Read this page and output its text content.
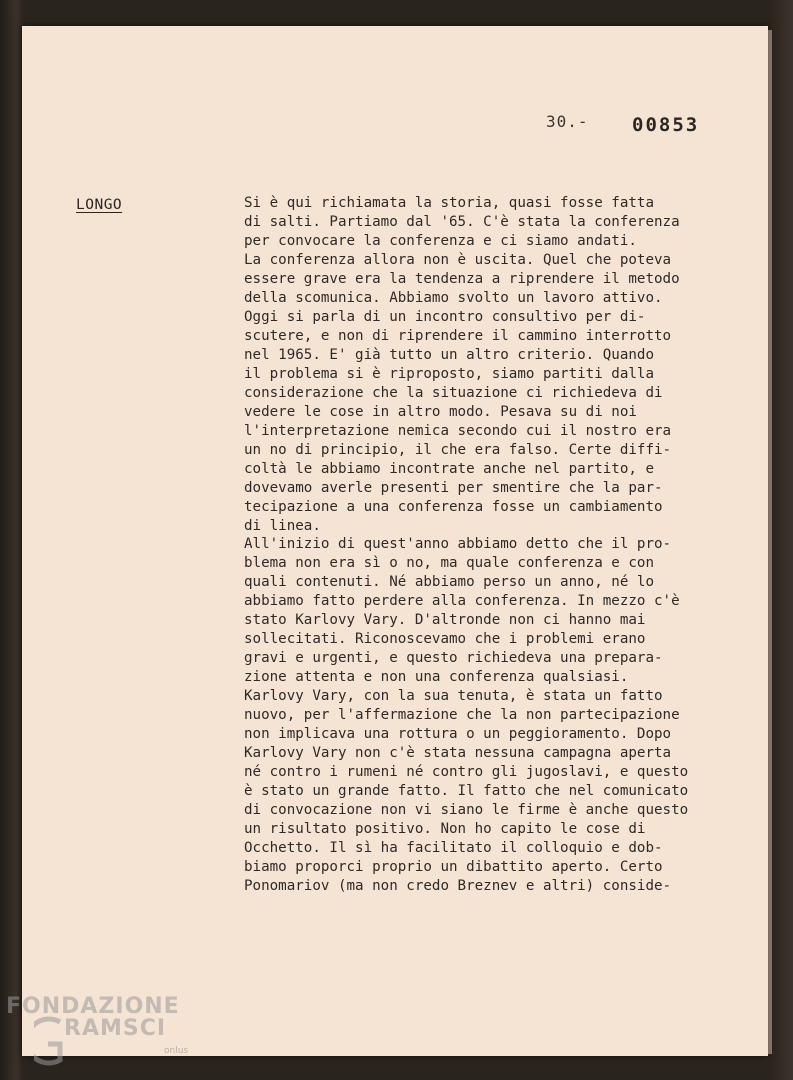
30.- 00853
LONGO	Si è qui richiamata la storia, quasi fosse fatta
di salti. Partiamo dal '65. C'è stata la conferenza
per convocare la conferenza e ci siamo andati.
La conferenza allora non è uscita. Quel che poteva
essere grave era la tendenza a riprendere il metodo
della scomunica. Abbiamo svolto un lavoro attivo.
Oggi si parla di un incontro consultivo per di-
scutere, e non di riprendere il cammino interrotto
nel 1965. E' già tutto un altro criterio. Quando
il problema si è riproposto, siamo partiti dalla
considerazione che la situazione ci richiedeva di
vedere le cose in altro modo. Pesava su di noi
l'interpretazione nemica secondo cui il nostro era
un no di principio, il che era falso. Certe diffi-
coltà le abbiamo incontrate anche nel partito, e
dovevamo averle presenti per smentire che la par-
tecipazione a una conferenza fosse un cambiamento
di linea.
All'inizio di quest'anno abbiamo detto che il pro-
blema non era sì o no, ma quale conferenza e con
quali contenuti. Né abbiamo perso un anno, né lo
abbiamo fatto perdere alla conferenza. In mezzo c'è
stato Karlovy Vary. D'altronde non ci hanno mai
sollecitati. Riconoscevamo che i problemi erano
gravi e urgenti, e questo richiedeva una prepara-
zione attenta e non una conferenza qualsiasi.
Karlovy Vary, con la sua tenuta, è stata un fatto
nuovo, per l'affermazione che la non partecipazione
non implicava una rottura o un peggioramento. Dopo
Karlovy Vary non c'è stata nessuna campagna aperta
né contro i rumeni né contro gli jugoslavi, e questo
è stato un grande fatto. Il fatto che nel comunicato
di convocazione non vi siano le firme è anche questo
un risultato positivo. Non ho capito le cose di
Occhetto. Il sì ha facilitato il colloquio e dob-
biamo proporci proprio un dibattito aperto. Certo
Ponomariov (ma non credo Breznev e altri) conside-
FONDAZIONE
RAMSCI
onlus
